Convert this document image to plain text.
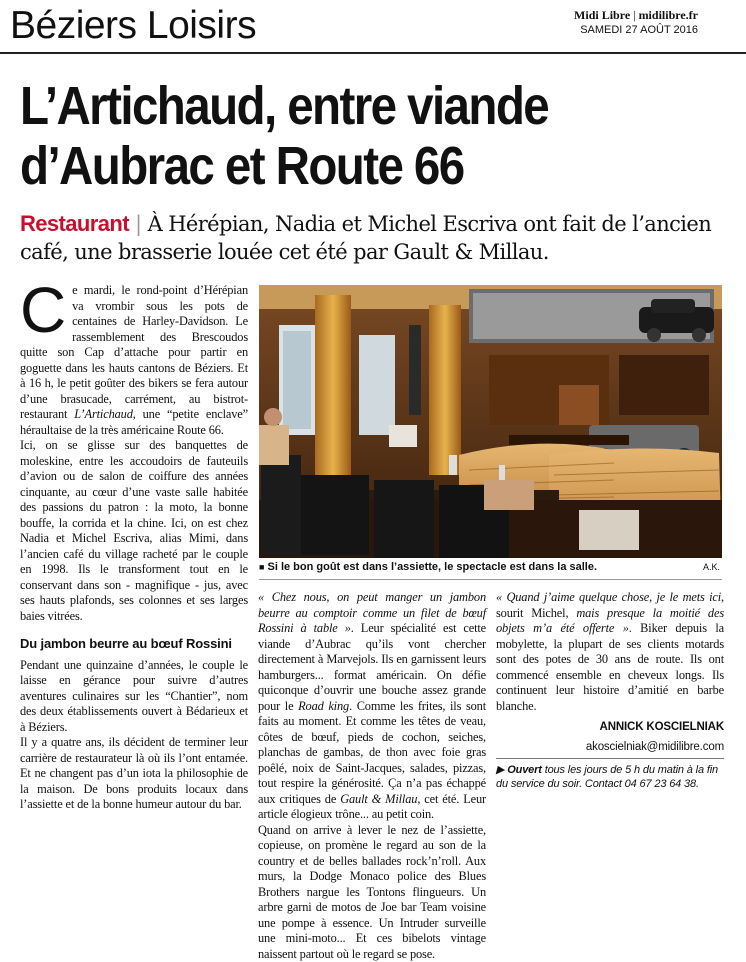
Béziers Loisirs	Midi Libre | midilibre.fr
SAMEDI 27 AOÛT 2016
L’Artichaud, entre viande
d’Aubrac et Route 66
Restaurant | À Hérépian, Nadia et Michel Escriva ont fait de l’ancien café, une brasserie louée cet été par Gault & Millau.

Ce mardi, le rond-point d’Hérépian va vrombir sous les pots de centaines de Harley-Davidson. Le rassemblement des Brescoudos quitte son Cap d’attache pour partir en goguette dans les hauts cantons de Béziers. Et à 16 h, le petit goûter des bikers se fera autour d’une brasucade, carrément, au bistrot-restaurant L’Artichaud, une “petite enclave” héraultaise de la très américaine Route 66.

Ici, on se glisse sur des banquettes de moleskine, entre les accoudoirs de fauteuils d’avion ou de salon de coiffure des années cinquante, au cœur d’une vaste salle habitée des passions du patron : la moto, la bonne bouffe, la corrida et la chine. Ici, on est chez Nadia et Michel Escriva, alias Mimi, dans l’ancien café du village racheté par le couple en 1998. Ils le transforment tout en le conservant dans son - magnifique - jus, avec ses hauts plafonds, ses colonnes et ses larges baies vitrées.

Du jambon beurre au bœuf Rossini

Pendant une quinzaine d’années, le couple le laisse en gérance pour suivre d’autres aventures culinaires sur les “Chantier”, nom des deux établissements ouvert à Bédarieux et à Béziers.

Il y a quatre ans, ils décident de terminer leur carrière de restaurateur là où ils l’ont entamée. Et ne changent pas d’un iota la philosophie de la maison. De bons produits locaux dans l’assiette et de la bonne humeur autour du bar.

■ Si le bon goût est dans l’assiette, le spectacle est dans la salle.	A.K.

« Chez nous, on peut manger un jambon beurre au comptoir comme un filet de bœuf Rossini à table ». Leur spécialité est cette viande d’Aubrac qu’ils vont chercher directement à Marvejols. Ils en garnissent leurs hamburgers... format américain. On défie quiconque d’ouvrir une bouche assez grande pour le Road king. Comme les frites, ils sont faits au moment. Et comme les têtes de veau, côtes de bœuf, pieds de cochon, seiches, planchas de gambas, de thon avec foie gras poêlé, noix de Saint-Jacques, salades, pizzas, tout respire la générosité. Ça n’a pas échappé aux critiques de Gault & Millau, cet été. Leur article élogieux trône... au petit coin.

Quand on arrive à lever le nez de l’assiette, copieuse, on promène le regard au son de la country et de belles ballades rock’n’roll. Aux murs, la Dodge Monaco police des Blues Brothers nargue les Tontons flingueurs. Un arbre garni de motos de Joe bar Team voisine une pompe à essence. Un Intruder surveille une mini-moto... Et ces bibelots vintage naissent partout où le regard se pose.

« Quand j’aime quelque chose, je le mets ici, sourit Michel, mais presque la moitié des objets m’a été offerte ». Biker depuis la mobylette, la plupart de ses clients motards sont des potes de 30 ans de route. Ils ont commencé ensemble en cheveux longs. Ils continuent leur histoire d’amitié en barbe blanche.

ANNICK KOSCIELNIAK
akoscielniak@midilibre.com
▶ Ouvert tous les jours de 5 h du matin à la fin du service du soir. Contact 04 67 23 64 38.
